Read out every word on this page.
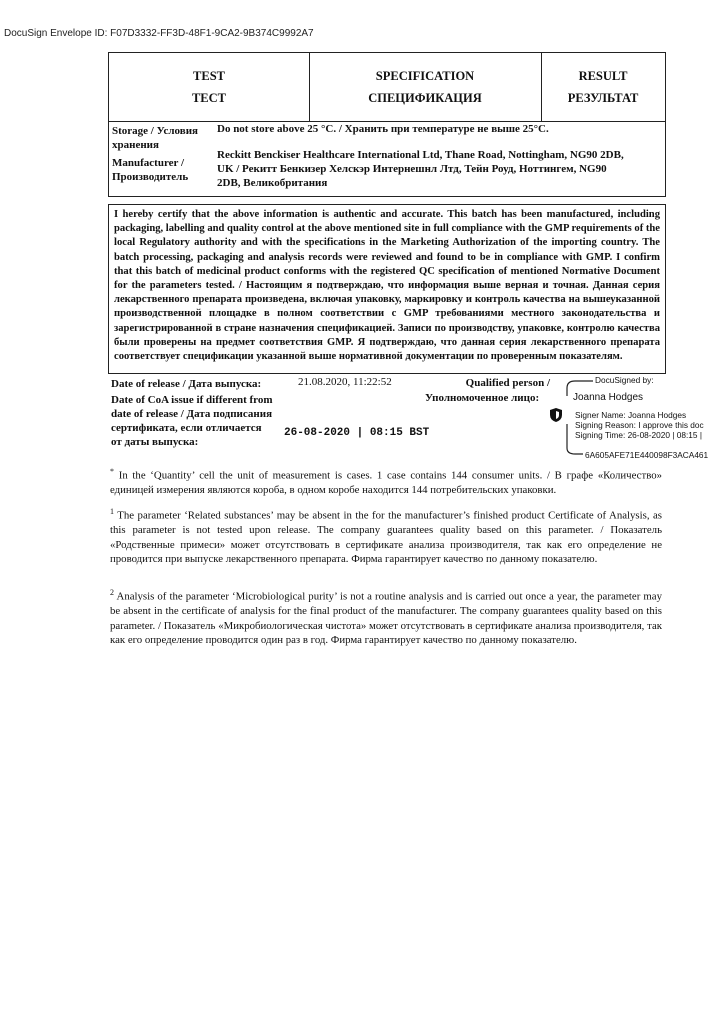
DocuSign Envelope ID: F07D3332-FF3D-48F1-9CA2-9B374C9992A7
TEST
ТЕСТ
SPECIFICATION
СПЕЦИФИКАЦИЯ
RESULT
РЕЗУЛЬТАТ
Storage / Условия
хранения
Do not store above 25 °C. / Хранить при температуре не выше 25°C.
Manufacturer /
Производитель
Reckitt Benckiser Healthcare International Ltd, Thane Road, Nottingham, NG90 2DB,
UK / Рекитт Бенкизер Хелскэр Интернешнл Лтд, Тейн Роуд, Ноттингем, NG90
2DB, Великобритания

I hereby certify that the above information is authentic and accurate. This batch has been manufactured, including packaging, labelling and quality control at the above mentioned site in full compliance with the GMP requirements of the local Regulatory authority and with the specifications in the Marketing Authorization of the importing country. The batch processing, packaging and analysis records were reviewed and found to be in compliance with GMP. I confirm that this batch of medicinal product conforms with the registered QC specification of mentioned Normative Document for the parameters tested. / Настоящим я подтверждаю, что информация выше верная и точная. Данная серия лекарственного препарата произведена, включая упаковку, маркировку и контроль качества на вышеуказанной производственной площадке в полном соответствии с GMP требованиями местного законодательства и зарегистрированной в стране назначения спецификацией. Записи по производству, упаковке, контролю качества были проверены на предмет соответствия GMP. Я подтверждаю, что данная серия лекарственного препарата соответствует спецификации указанной выше нормативной документации по проверенным показателям.

Date of release / Дата выпуска:	21.08.2020, 11:22:52
Date of CoA issue if different from
date of release / Дата подписания
сертификата, если отличается
от даты выпуска:
26-08-2020 | 08:15 BST
Qualified person /
Уполномоченное лицо:
DocuSigned by:
Joanna Hodges
Signer Name: Joanna Hodges
Signing Reason: I approve this doc
Signing Time: 26-08-2020 | 08:15 |
6A605AFE71E440098F3ACA461

* In the ‘Quantity’ cell the unit of measurement is cases. 1 case contains 144 consumer units. / В графе «Количество» единицей измерения являются короба, в одном коробе находится 144 потребительских упаковки.

$^1$ The parameter ‘Related substances’ may be absent in the for the manufacturer’s finished product Certificate of Analysis, as this parameter is not tested upon release. The company guarantees quality based on this parameter. / Показатель «Родственные примеси» может отсутствовать в сертификате анализа производителя, так как его определение не проводится при выпуске лекарственного препарата. Фирма гарантирует качество по данному показателю.

$^2$ Analysis of the parameter ‘Microbiological purity’ is not a routine analysis and is carried out once a year, the parameter may be absent in the certificate of analysis for the final product of the manufacturer. The company guarantees quality based on this parameter. / Показатель «Микробиологическая чистота» может отсутствовать в сертификате анализа производителя, так как его определение проводится один раз в год. Фирма гарантирует качество по данному показателю.
